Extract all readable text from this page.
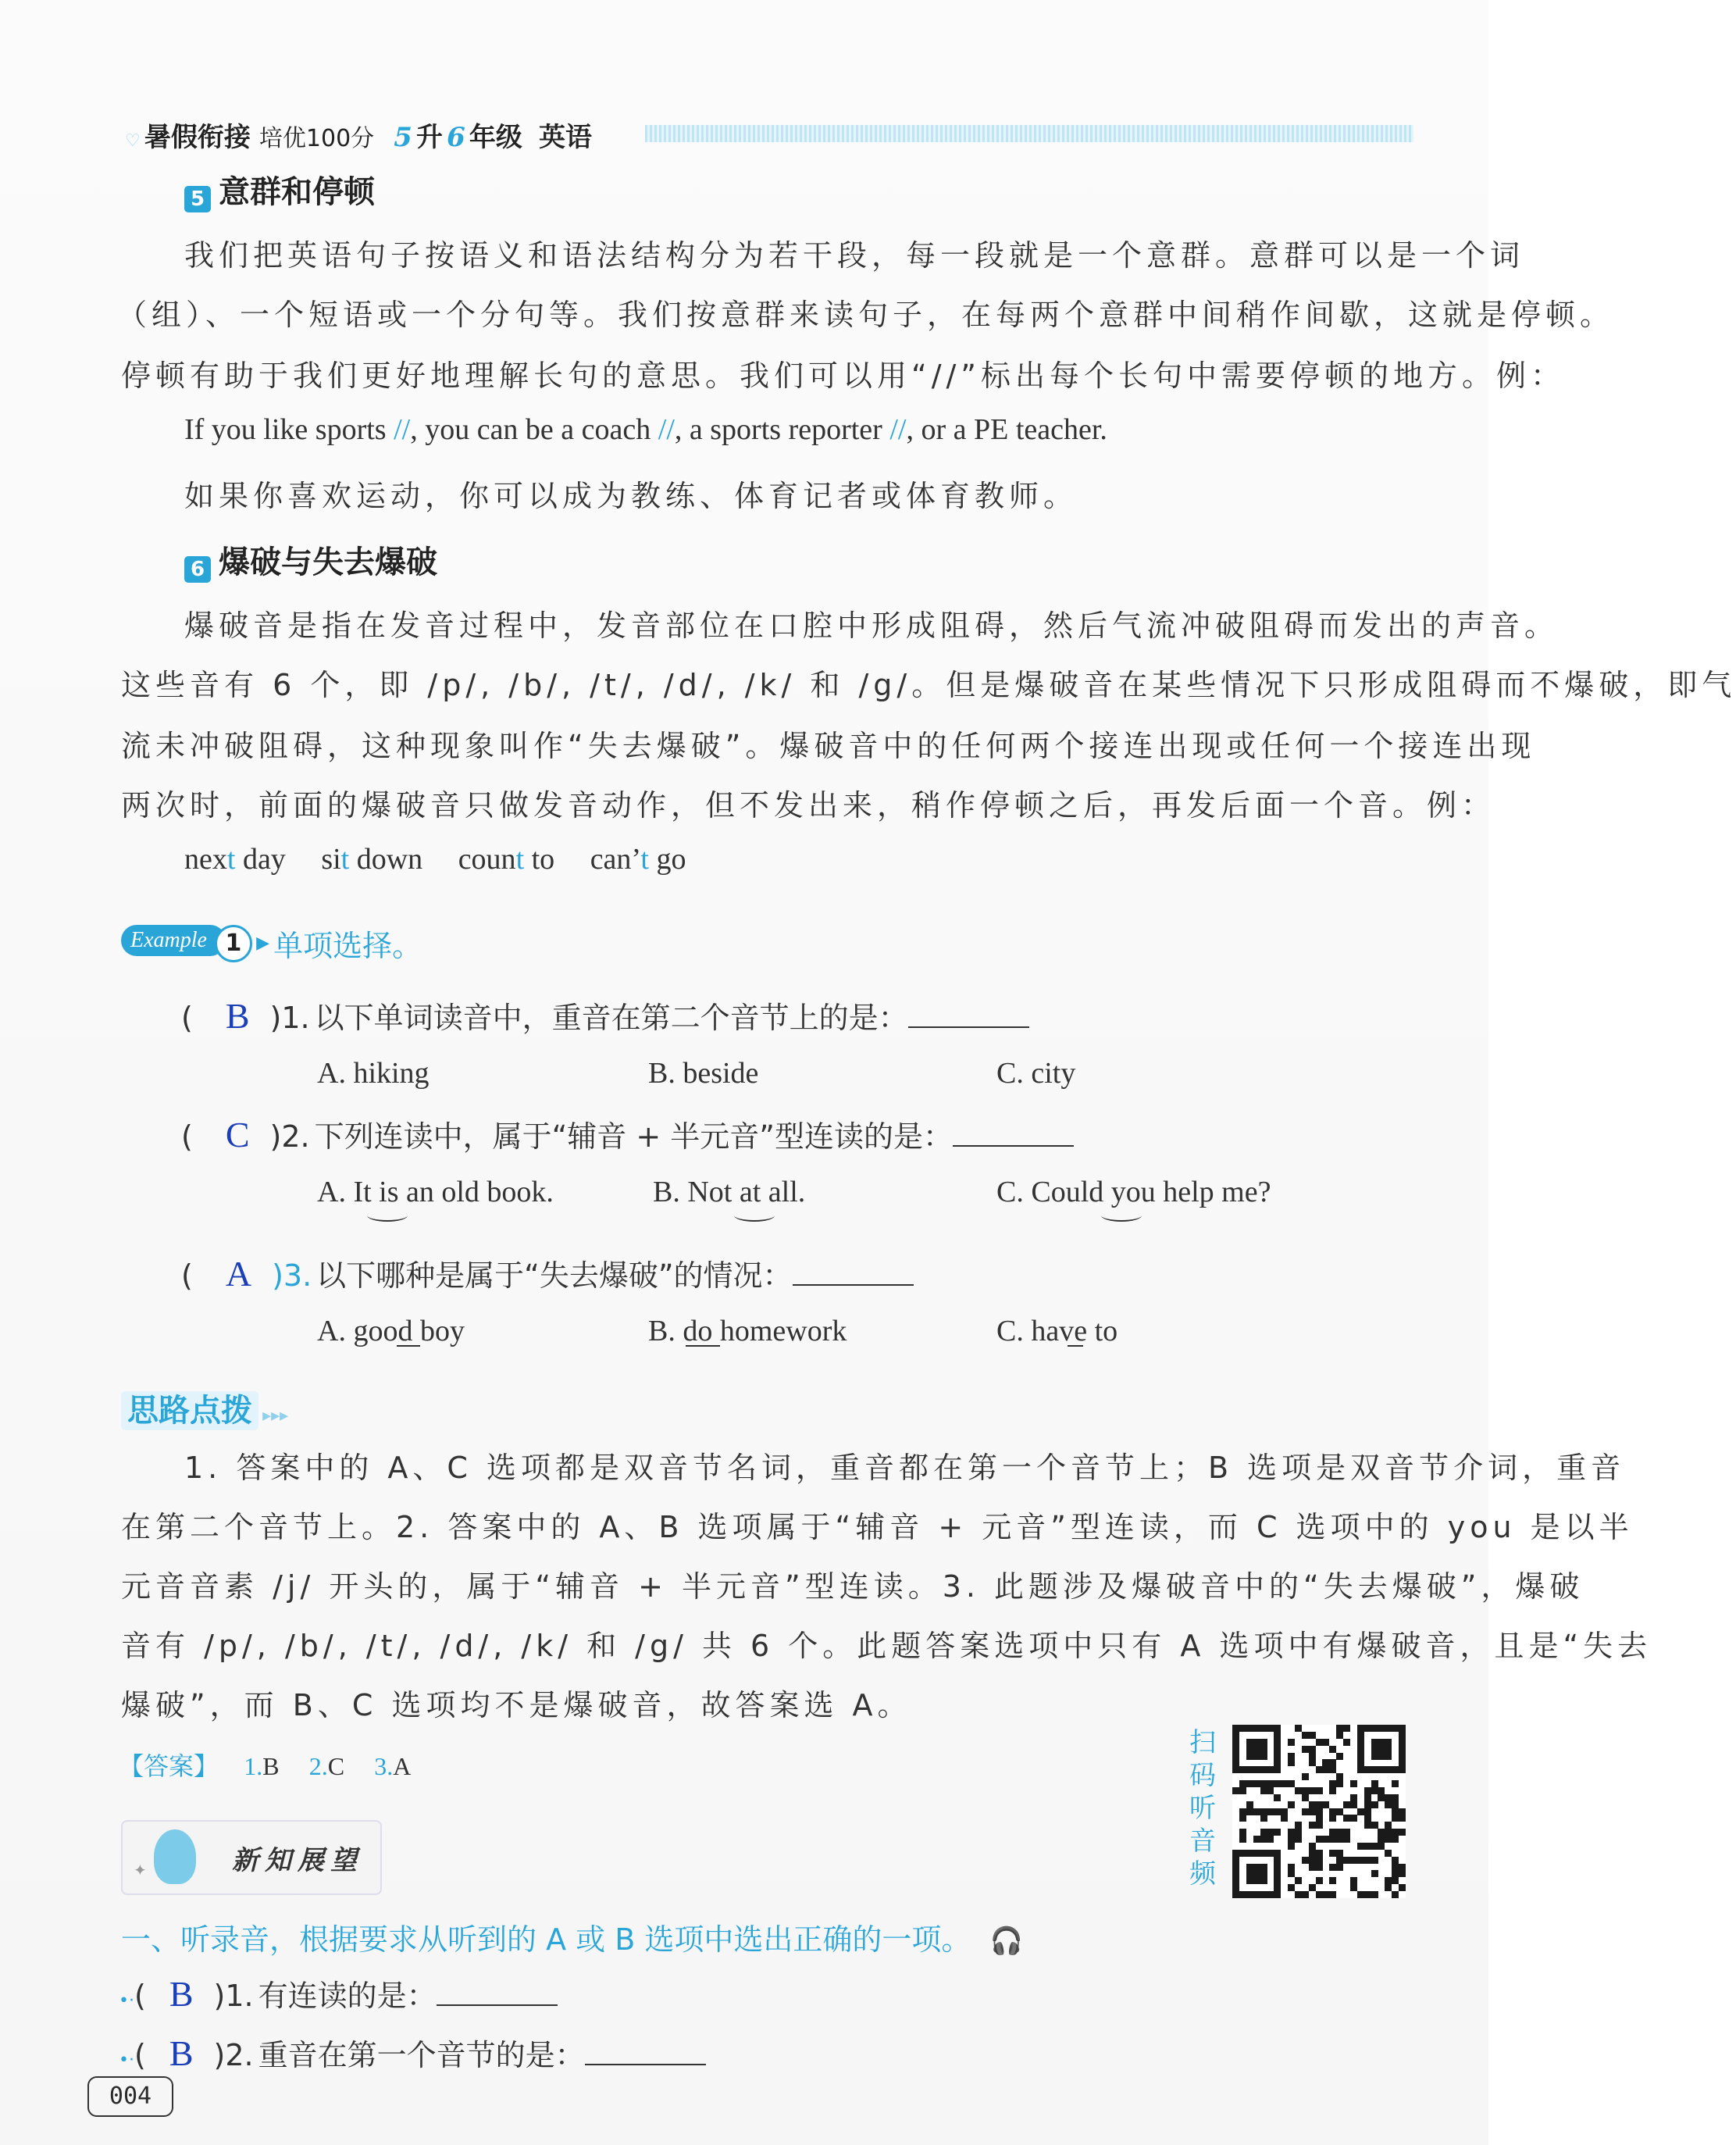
♡ 暑假衔接 培优100分 5 升 6 年级 英语
5 意群和停顿
我们把英语句子按语义和语法结构分为若干段，每一段就是一个意群。意群可以是一个词
（组）、一个短语或一个分句等。我们按意群来读句子，在每两个意群中间稍作间歇，这就是停顿。
停顿有助于我们更好地理解长句的意思。我们可以用“//”标出每个长句中需要停顿的地方。例：
If you like sports //, you can be a coach //, a sports reporter //, or a PE teacher.
如果你喜欢运动，你可以成为教练、体育记者或体育教师。
6 爆破与失去爆破
爆破音是指在发音过程中，发音部位在口腔中形成阻碍，然后气流冲破阻碍而发出的声音。
这些音有 6 个，即 /p/, /b/, /t/, /d/, /k/ 和 /g/。但是爆破音在某些情况下只形成阻碍而不爆破，即气
流未冲破阻碍，这种现象叫作“失去爆破”。爆破音中的任何两个接连出现或任何一个接连出现
两次时，前面的爆破音只做发音动作，但不发出来，稍作停顿之后，再发后面一个音。例：
next day sit down count to can’t go
Example 1 ▶ 单项选择。
( B )1. 以下单词读音中，重音在第二个音节上的是：
A. hiking	B. beside	C. city
( C )2. 下列连读中，属于“辅音 + 半元音”型连读的是：
A. It is an old book.	B. Not at all.	C. Could you help me?
( A )3. 以下哪种是属于“失去爆破”的情况：
A. good boy	B. do homework	C. have to
思路点拨 ▸▸▸
1. 答案中的 A、C 选项都是双音节名词，重音都在第一个音节上；B 选项是双音节介词，重音
在第二个音节上。2. 答案中的 A、B 选项属于“辅音 + 元音”型连读，而 C 选项中的 you 是以半
元音音素 /j/ 开头的，属于“辅音 + 半元音”型连读。3. 此题涉及爆破音中的“失去爆破”，爆破
音有 /p/, /b/, /t/, /d/, /k/ 和 /g/ 共 6 个。此题答案选项中只有 A 选项中有爆破音，且是“失去
爆破”，而 B、C 选项均不是爆破音，故答案选 A。
【答案】 1.B 2.C 3.A
扫码听音频
✦	新知展望
一、听录音，根据要求从听到的 A 或 B 选项中选出正确的一项。 🎧
•·( B )1. 有连读的是：
•·( B )2. 重音在第一个音节的是：
004
